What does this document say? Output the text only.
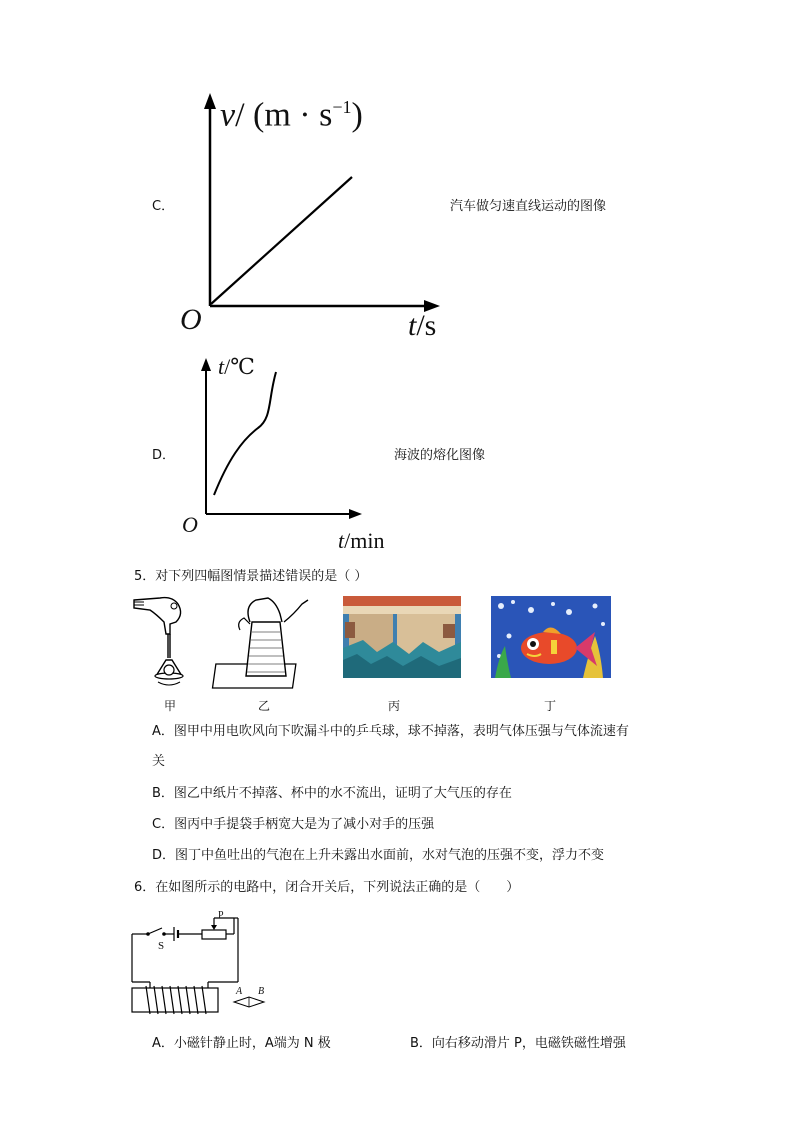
C．	汽车做匀速直线运动的图像
v/ $(m \cdot s^{-1})$
O	t/s
D．	海波的熔化图像
t/℃
O
t/min
5．对下列四幅图情景描述错误的是（ ）
甲	乙	丙	丁
A．图甲中用电吹风向下吹漏斗中的乒乓球，球不掉落，表明气体压强与气体流速有
关
B．图乙中纸片不掉落、杯中的水不流出，证明了大气压的存在
C．图丙中手提袋手柄宽大是为了减小对手的压强
D．图丁中鱼吐出的气泡在上升未露出水面前，水对气泡的压强不变，浮力不变
6．在如图所示的电路中，闭合开关后，下列说法正确的是（　　）
S
P
A B
A．小磁针静止时，A端为 N 极	B．向右移动滑片 P，电磁铁磁性增强
